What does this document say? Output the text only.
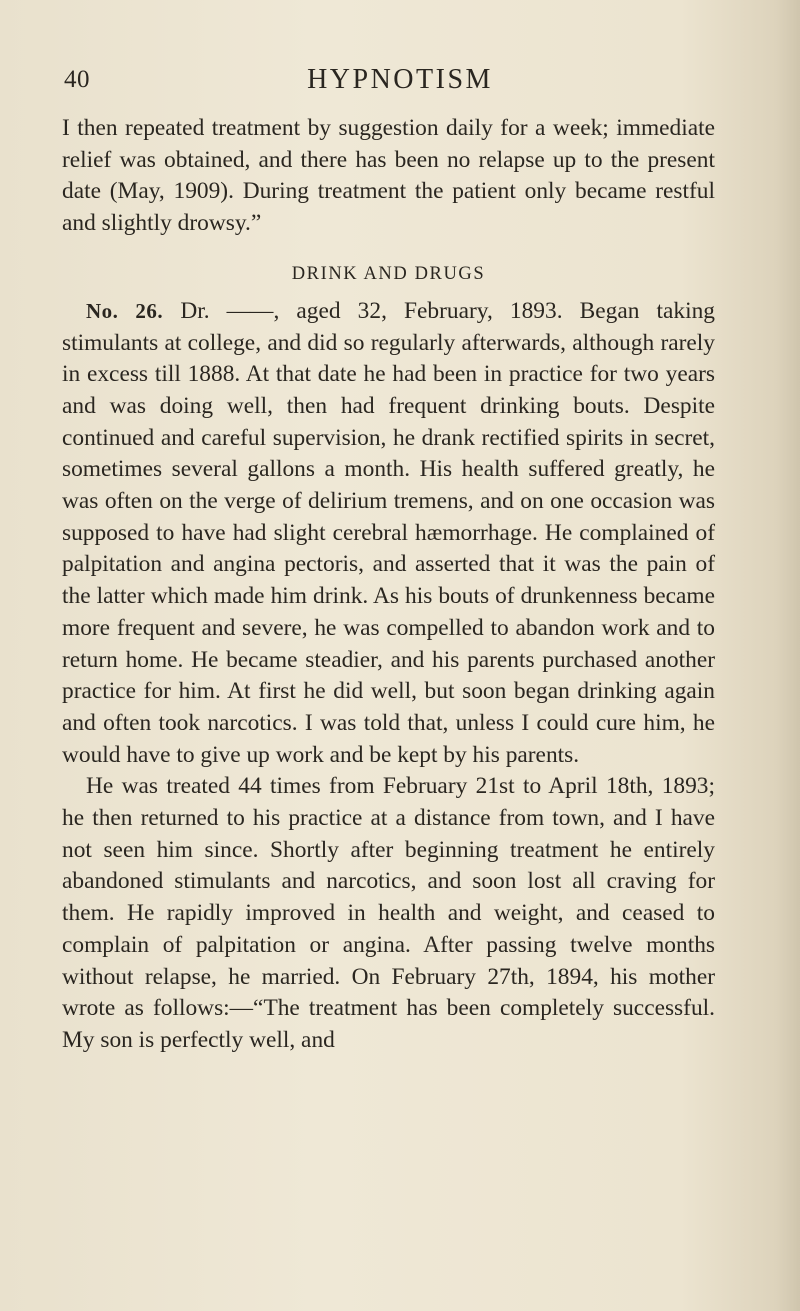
40	HYPNOTISM

I then repeated treatment by suggestion daily for a week; immediate relief was obtained, and there has been no relapse up to the present date (May, 1909). During treatment the patient only became restful and slightly drowsy.”

DRINK AND DRUGS

No. 26. Dr. ——, aged 32, February, 1893. Began taking stimulants at college, and did so regularly afterwards, although rarely in excess till 1888. At that date he had been in practice for two years and was doing well, then had frequent drinking bouts. Despite continued and careful supervision, he drank rectified spirits in secret, sometimes several gallons a month. His health suffered greatly, he was often on the verge of delirium tremens, and on one occasion was supposed to have had slight cerebral hæmorrhage. He complained of palpitation and angina pectoris, and asserted that it was the pain of the latter which made him drink. As his bouts of drunkenness became more frequent and severe, he was compelled to abandon work and to return home. He became steadier, and his parents purchased another practice for him. At first he did well, but soon began drinking again and often took narcotics. I was told that, unless I could cure him, he would have to give up work and be kept by his parents.

He was treated 44 times from February 21st to April 18th, 1893; he then returned to his practice at a distance from town, and I have not seen him since. Shortly after beginning treatment he entirely abandoned stimulants and narcotics, and soon lost all craving for them. He rapidly improved in health and weight, and ceased to complain of palpitation or angina. After passing twelve months without relapse, he married. On February 27th, 1894, his mother wrote as follows:—“The treatment has been completely successful. My son is perfectly well, and
